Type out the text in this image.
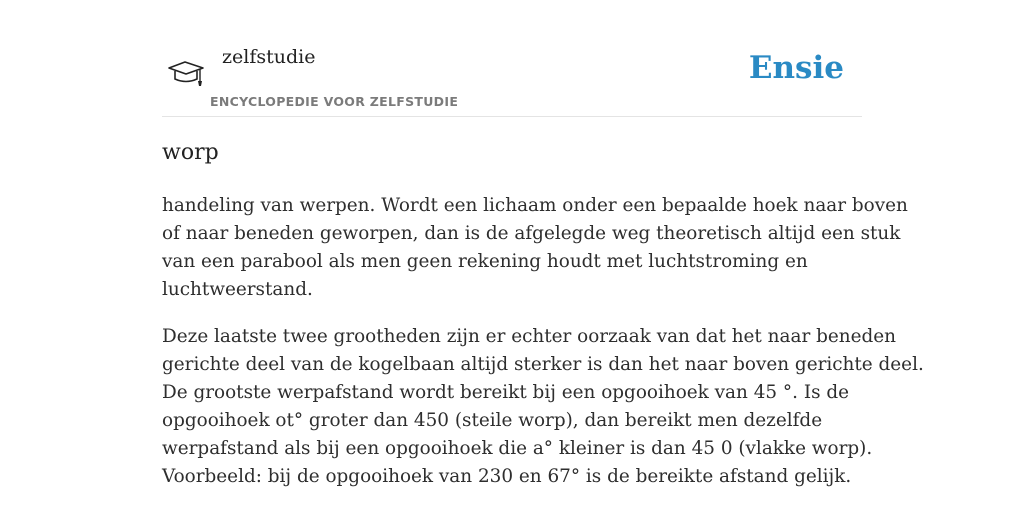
zelfstudie
ENCYCLOPEDIE VOOR ZELFSTUDIE
Ensie
worp

handeling van werpen. Wordt een lichaam onder een bepaalde hoek naar boven
of naar beneden geworpen, dan is de afgelegde weg theoretisch altijd een stuk
van een parabool als men geen rekening houdt met luchtstroming en
luchtweerstand.

Deze laatste twee grootheden zijn er echter oorzaak van dat het naar beneden
gerichte deel van de kogelbaan altijd sterker is dan het naar boven gerichte deel.
De grootste werpafstand wordt bereikt bij een opgooihoek van 45 °. Is de
opgooihoek ot° groter dan 450 (steile worp), dan bereikt men dezelfde
werpafstand als bij een opgooihoek die a° kleiner is dan 45 0 (vlakke worp).
Voorbeeld: bij de opgooihoek van 230 en 67° is de bereikte afstand gelijk.
